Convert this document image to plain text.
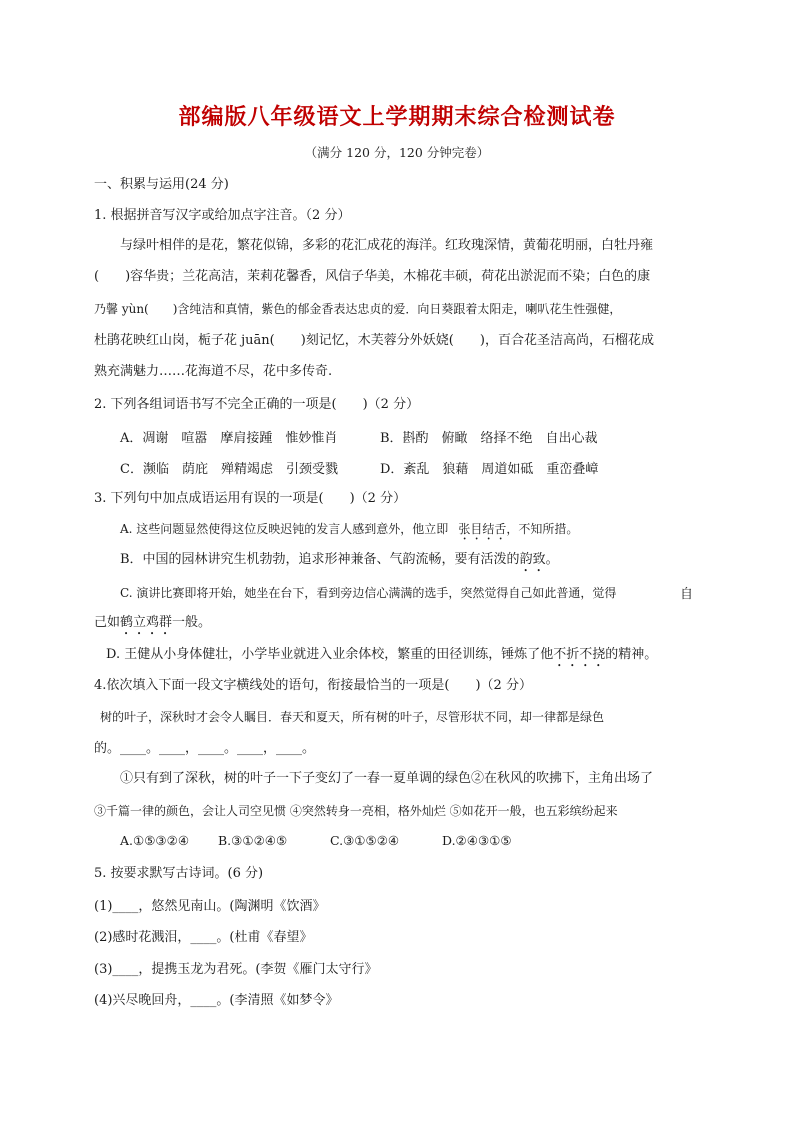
部编版八年级语文上学期期末综合检测试卷
（满分 120 分，120 分钟完卷）
一、积累与运用(24 分)
1. 根据拼音写汉字或给加点字注音。（2 分）
与绿叶相伴的是花，繁花似锦，多彩的花汇成花的海洋。红玫瑰深情，黄葡花明丽，白牡丹雍
(　　)容华贵；兰花高洁，茉莉花馨香，风信子华美，木棉花丰硕，荷花出淤泥而不染；白色的康
乃馨 yùn(　　)含纯洁和真情，紫色的郁金香表达忠贞的爱．向日葵跟着太阳走，喇叭花生性强健，
杜鹃花映红山岗，栀子花 juān(　　)刻记忆，木芙蓉分外妖娆(　　)，百合花圣洁高尚，石榴花成
熟充满魅力……花海道不尽，花中多传奇.
2. 下列各组词语书写不完全正确的一项是(　　)（2 分）
A．凋谢　喧嚣　摩肩接踵　惟妙惟肖	B．斟酌　俯瞰　络择不绝　自出心裁
C．濒临　荫庇　殚精竭虑　引颈受戮	D．紊乱　狼藉　周道如砥　重峦叠嶂
3. 下列句中加点成语运用有误的一项是(　　)（2 分）
A. 这些问题显然使得这位反映迟钝的发言人感到意外，他立即 张目结舌，不知所措。
B．中国的园林讲究生机勃勃，追求形神兼备、气韵流畅，要有活泼的韵致。
C. 演讲比赛即将开始，她坐在台下，看到旁边信心满满的选手，突然觉得自己如此普通，觉得	自
己如鹤立鸡群一般。
D. 王健从小身体健壮，小学毕业就进入业余体校，繁重的田径训练，锤炼了他不折不挠的精神。
4.依次填入下面一段文字横线处的语句，衔接最恰当的一项是(　　)（2 分）
树的叶子，深秋时才会令人瞩目．春天和夏天，所有树的叶子，尽管形状不同，却一律都是绿色
的。____。____，____。____，____。
①只有到了深秋，树的叶子一下子变幻了一春一夏单调的绿色②在秋风的吹拂下，主角出场了
③千篇一律的颜色，会让人司空见惯 ④突然转身一亮相，格外灿烂 ⑤如花开一般，也五彩缤纷起来
A.①⑤③②④ B.③①②④⑤	C.③①⑤②④	D.②④③①⑤
5. 按要求默写古诗词。(6 分)
(1)____，悠然见南山。(陶渊明《饮酒》
(2)感时花溅泪，____。(杜甫《春望》
(3)____，提携玉龙为君死。(李贺《雁门太守行》
(4)兴尽晚回舟，____。(李清照《如梦令》
